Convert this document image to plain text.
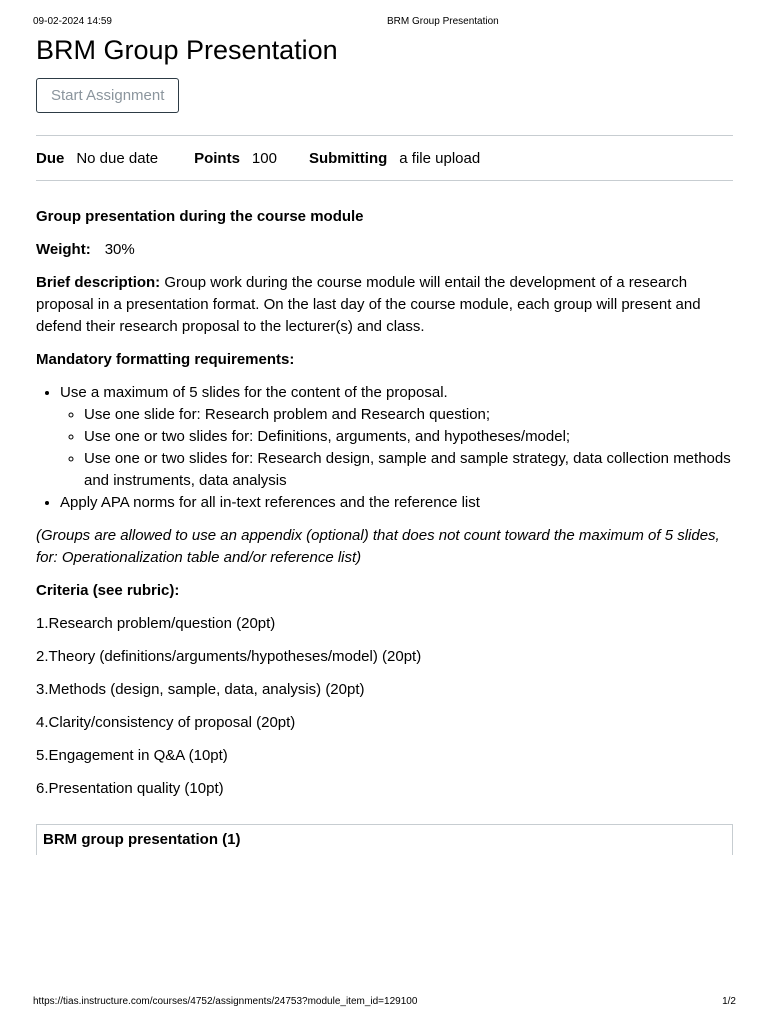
09-02-2024 14:59	BRM Group Presentation
BRM Group Presentation
Start Assignment
Due No due date Points 100 Submitting a file upload

Group presentation during the course module

Weight: 30%

Brief description: Group work during the course module will entail the development of a research proposal in a presentation format. On the last day of the course module, each group will present and defend their research proposal to the lecturer(s) and class.

Mandatory formatting requirements:

• Use a maximum of 5 slides for the content of the proposal.
◦ Use one slide for: Research problem and Research question;
◦ Use one or two slides for: Definitions, arguments, and hypotheses/model;
◦ Use one or two slides for: Research design, sample and sample strategy, data collection methods and instruments, data analysis
• Apply APA norms for all in-text references and the reference list

(Groups are allowed to use an appendix (optional) that does not count toward the maximum of 5 slides, for: Operationalization table and/or reference list)

Criteria (see rubric):

1.Research problem/question (20pt)

2.Theory (definitions/arguments/hypotheses/model) (20pt)

3.Methods (design, sample, data, analysis) (20pt)

4.Clarity/consistency of proposal (20pt)

5.Engagement in Q&A (10pt)

6.Presentation quality (10pt)

BRM group presentation (1)
https://tias.instructure.com/courses/4752/assignments/24753?module_item_id=129100	1/2
